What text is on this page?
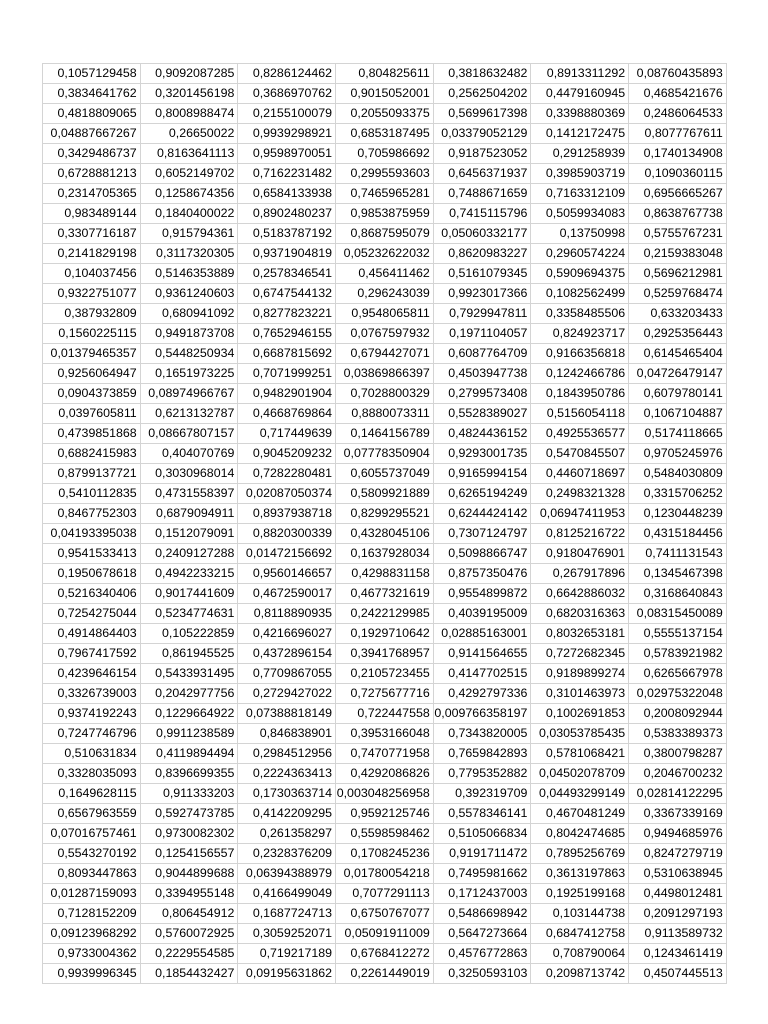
0,1057129458	0,9092087285	0,8286124462	0,804825611	0,3818632482	0,8913311292	0,08760435893
0,3834641762	0,3201456198	0,3686970762	0,9015052001	0,2562504202	0,4479160945	0,4685421676
0,4818809065	0,8008988474	0,2155100079	0,2055093375	0,5699617398	0,3398880369	0,2486064533
0,04887667267	0,26650022	0,9939298921	0,6853187495	0,03379052129	0,1412172475	0,8077767611
0,3429486737	0,8163641113	0,9598970051	0,705986692	0,9187523052	0,291258939	0,1740134908
0,6728881213	0,6052149702	0,7162231482	0,2995593603	0,6456371937	0,3985903719	0,1090360115
0,2314705365	0,1258674356	0,6584133938	0,7465965281	0,7488671659	0,7163312109	0,6956665267
0,983489144	0,1840400022	0,8902480237	0,9853875959	0,7415115796	0,5059934083	0,8638767738
0,3307716187	0,915794361	0,5183787192	0,8687595079	0,05060332177	0,13750998	0,5755767231
0,2141829198	0,3117320305	0,9371904819	0,05232622032	0,8620983227	0,2960574224	0,2159383048
0,104037456	0,5146353889	0,2578346541	0,456411462	0,5161079345	0,5909694375	0,5696212981
0,9322751077	0,9361240603	0,6747544132	0,296243039	0,9923017366	0,1082562499	0,5259768474
0,387932809	0,680941092	0,8277823221	0,9548065811	0,7929947811	0,3358485506	0,633203433
0,1560225115	0,9491873708	0,7652946155	0,0767597932	0,1971104057	0,824923717	0,2925356443
0,01379465357	0,5448250934	0,6687815692	0,6794427071	0,6087764709	0,9166356818	0,6145465404
0,9256064947	0,1651973225	0,7071999251	0,03869866397	0,4503947738	0,1242466786	0,04726479147
0,0904373859	0,08974966767	0,9482901904	0,7028800329	0,2799573408	0,1843950786	0,6079780141
0,0397605811	0,6213132787	0,4668769864	0,8880073311	0,5528389027	0,5156054118	0,1067104887
0,4739851868	0,08667807157	0,717449639	0,1464156789	0,4824436152	0,4925536577	0,5174118665
0,6882415983	0,404070769	0,9045209232	0,07778350904	0,9293001735	0,5470845507	0,9705245976
0,8799137721	0,3030968014	0,7282280481	0,6055737049	0,9165994154	0,4460718697	0,5484030809
0,5410112835	0,4731558397	0,02087050374	0,5809921889	0,6265194249	0,2498321328	0,3315706252
0,8467752303	0,6879094911	0,8937938718	0,8299295521	0,6244424142	0,06947411953	0,1230448239
0,04193395038	0,1512079091	0,8820300339	0,4328045106	0,7307124797	0,8125216722	0,4315184456
0,9541533413	0,2409127288	0,01472156692	0,1637928034	0,5098866747	0,9180476901	0,7411131543
0,1950678618	0,4942233215	0,9560146657	0,4298831158	0,8757350476	0,267917896	0,1345467398
0,5216340406	0,9017441609	0,4672590017	0,4677321619	0,9554899872	0,6642886032	0,3168640843
0,7254275044	0,5234774631	0,8118890935	0,2422129985	0,4039195009	0,6820316363	0,08315450089
0,4914864403	0,105222859	0,4216696027	0,1929710642	0,02885163001	0,8032653181	0,5555137154
0,7967417592	0,861945525	0,4372896154	0,3941768957	0,9141564655	0,7272682345	0,5783921982
0,4239646154	0,5433931495	0,7709867055	0,2105723455	0,4147702515	0,9189899274	0,6265667978
0,3326739003	0,2042977756	0,2729427022	0,7275677716	0,4292797336	0,3101463973	0,02975322048
0,9374192243	0,1229664922	0,07388818149	0,722447558	0,009766358197	0,1002691853	0,2008092944
0,7247746796	0,9911238589	0,846838901	0,3953166048	0,7343820005	0,03053785435	0,5383389373
0,510631834	0,4119894494	0,2984512956	0,7470771958	0,7659842893	0,5781068421	0,3800798287
0,3328035093	0,8396699355	0,2224363413	0,4292086826	0,7795352882	0,04502078709	0,2046700232
0,1649628115	0,911333203	0,1730363714	0,003048256958	0,392319709	0,04493299149	0,02814122295
0,6567963559	0,5927473785	0,4142209295	0,9592125746	0,5578346141	0,4670481249	0,3367339169
0,07016757461	0,9730082302	0,261358297	0,5598598462	0,5105066834	0,8042474685	0,9494685976
0,5543270192	0,1254156557	0,2328376209	0,1708245236	0,9191711472	0,7895256769	0,8247279719
0,8093447863	0,9044899688	0,06394388979	0,01780054218	0,7495981662	0,3613197863	0,5310638945
0,01287159093	0,3394955148	0,4166499049	0,7077291113	0,1712437003	0,1925199168	0,4498012481
0,7128152209	0,806454912	0,1687724713	0,6750767077	0,5486698942	0,103144738	0,2091297193
0,09123968292	0,5760072925	0,3059252071	0,05091911009	0,5647273664	0,6847412758	0,9113589732
0,9733004362	0,2229554585	0,719217189	0,6768412272	0,4576772863	0,708790064	0,1243461419
0,9939996345	0,1854432427	0,09195631862	0,2261449019	0,3250593103	0,2098713742	0,4507445513
